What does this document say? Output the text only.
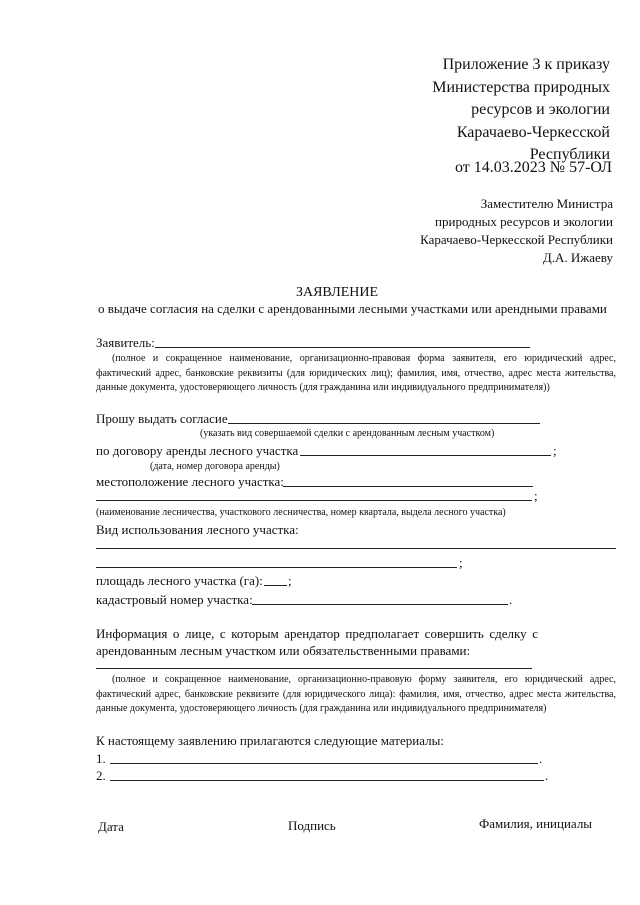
Приложение 3 к приказу
Министерства природных
ресурсов и экологии
Карачаево-Черкесской
Республики
от 14.03.2023 № 57-ОЛ
Заместителю Министра
природных ресурсов и экологии
Карачаево-Черкесской Республики
Д.А. Ижаеву
ЗАЯВЛЕНИЕ
о выдаче согласия на сделки с арендованными лесными участками или арендными правами
Заявитель:
(полное и сокращенное наименование, организационно-правовая форма заявителя, его юридический адрес, фактический адрес, банковские реквизиты (для юридических лиц); фамилия, имя, отчество, адрес места жительства, данные документа, удостоверяющего личность (для гражданина или индивидуального предпринимателя))
Прошу выдать согласие
(указать вид совершаемой сделки с арендованным лесным участком)
по договору аренды лесного участка	;
(дата, номер договора аренды)
местоположение лесного участка:
;
(наименование лесничества, участкового лесничества, номер квартала, выдела лесного участка)
Вид использования лесного участка:
;
площадь лесного участка (га): ;
кадастровый номер участка:	.
Информация о лице, с которым арендатор предполагает совершить сделку с
арендованным лесным участком или обязательственными правами:
(полное и сокращенное наименование, организационно-правовую форму заявителя, его юридический адрес, фактический адрес, банковские реквизите (для юридического лица): фамилия, имя, отчество, адрес места жительства, данные документа, удостоверяющего личность (для гражданина или индивидуального предпринимателя)
К настоящему заявлению прилагаются следующие материалы:
1.	.
2.	.
Дата	Подпись	Фамилия, инициалы
